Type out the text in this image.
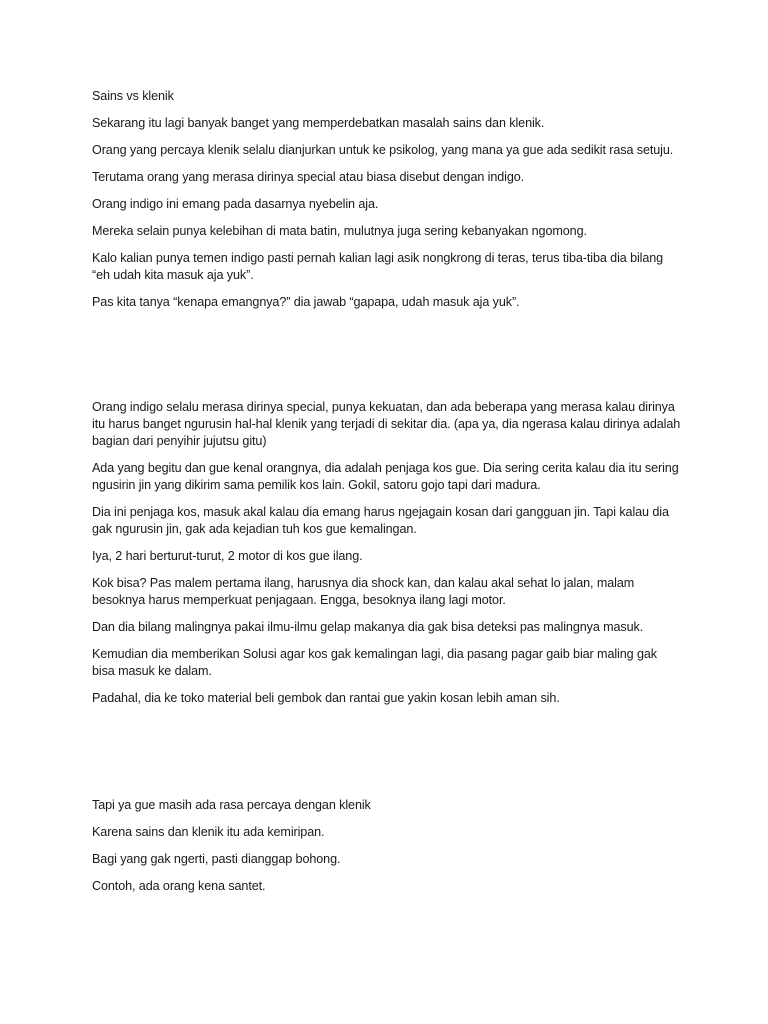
Sains vs klenik

Sekarang itu lagi banyak banget yang memperdebatkan masalah sains dan klenik.

Orang yang percaya klenik selalu dianjurkan untuk ke psikolog, yang mana ya gue ada sedikit rasa setuju.

Terutama orang yang merasa dirinya special atau biasa disebut dengan indigo.

Orang indigo ini emang pada dasarnya nyebelin aja.

Mereka selain punya kelebihan di mata batin, mulutnya juga sering kebanyakan ngomong.

Kalo kalian punya temen indigo pasti pernah kalian lagi asik nongkrong di teras, terus tiba-tiba dia bilang “eh udah kita masuk aja yuk”.

Pas kita tanya “kenapa emangnya?” dia jawab “gapapa, udah masuk aja yuk”.

Orang indigo selalu merasa dirinya special, punya kekuatan, dan ada beberapa yang merasa kalau dirinya itu harus banget ngurusin hal-hal klenik yang terjadi di sekitar dia. (apa ya, dia ngerasa kalau dirinya adalah bagian dari penyihir jujutsu gitu)

Ada yang begitu dan gue kenal orangnya, dia adalah penjaga kos gue. Dia sering cerita kalau dia itu sering ngusirin jin yang dikirim sama pemilik kos lain. Gokil, satoru gojo tapi dari madura.

Dia ini penjaga kos, masuk akal kalau dia emang harus ngejagain kosan dari gangguan jin. Tapi kalau dia gak ngurusin jin, gak ada kejadian tuh kos gue kemalingan.

Iya, 2 hari berturut-turut, 2 motor di kos gue ilang.

Kok bisa? Pas malem pertama ilang, harusnya dia shock kan, dan kalau akal sehat lo jalan, malam besoknya harus memperkuat penjagaan. Engga, besoknya ilang lagi motor.

Dan dia bilang malingnya pakai ilmu-ilmu gelap makanya dia gak bisa deteksi pas malingnya masuk.

Kemudian dia memberikan Solusi agar kos gak kemalingan lagi, dia pasang pagar gaib biar maling gak bisa masuk ke dalam.

Padahal, dia ke toko material beli gembok dan rantai gue yakin kosan lebih aman sih.

Tapi ya gue masih ada rasa percaya dengan klenik

Karena sains dan klenik itu ada kemiripan.

Bagi yang gak ngerti, pasti dianggap bohong.

Contoh, ada orang kena santet.
